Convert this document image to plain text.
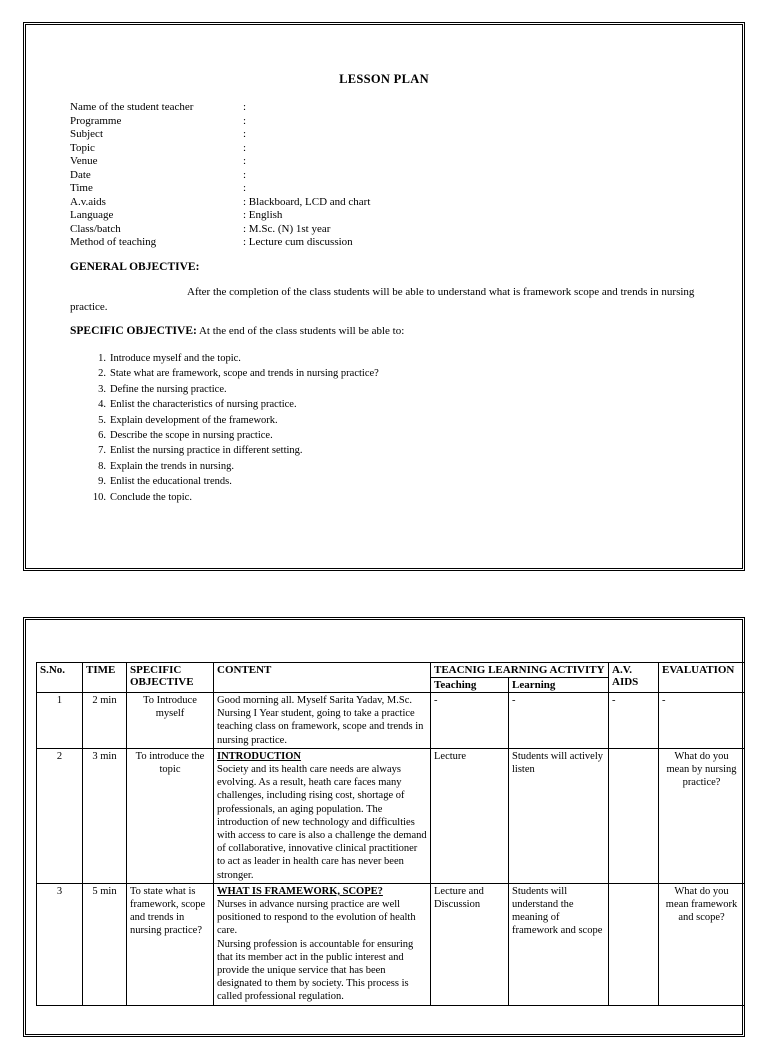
LESSON PLAN
Name of the student teacher	:
Programme	:
Subject	:
Topic	:
Venue	:
Date	:
Time	:
A.v.aids	: Blackboard, LCD and chart
Language	: English
Class/batch	: M.Sc. (N) 1st year
Method of teaching	: Lecture cum discussion
GENERAL OBJECTIVE:
After the completion of the class students will be able to understand what is framework scope and trends in nursing practice.
SPECIFIC OBJECTIVE: At the end of the class students will be able to:
1. Introduce myself and the topic.
2. State what are framework, scope and trends in nursing practice?
3. Define the nursing practice.
4. Enlist the characteristics of nursing practice.
5. Explain development of the framework.
6. Describe the scope in nursing practice.
7. Enlist the nursing practice in different setting.
8. Explain the trends in nursing.
9. Enlist the educational trends.
10. Conclude the topic.
S.No.	TIME	SPECIFIC OBJECTIVE	CONTENT	TEACNIG LEARNING ACTIVITY		A.V. AIDS	EVALUATION
				Teaching	Learning		
1	2 min	To Introduce myself	Good morning all. Myself Sarita Yadav, M.Sc. Nursing I Year student, going to take a practice teaching class on framework, scope and trends in nursing practice.	-	-	-	-
2	3 min	To introduce the topic	INTRODUCTION
Society and its health care needs are always evolving. As a result, heath care faces many challenges, including rising cost, shortage of professionals, an aging population. The introduction of new technology and difficulties with access to care is also a challenge the demand of collaborative, innovative clinical practitioner to act as leader in health care has never been stronger.	Lecture	Students will actively listen		What do you mean by nursing practice?
3	5 min	To state what is framework, scope and trends in nursing practice?	WHAT IS FRAMEWORK, SCOPE?
Nurses in advance nursing practice are well positioned to respond to the evolution of health care.
Nursing profession is accountable for ensuring that its member act in the public interest and provide the unique service that has been designated to them by society. This process is called professional regulation.	Lecture and Discussion	Students will understand the meaning of framework and scope		What do you mean framework and scope?
